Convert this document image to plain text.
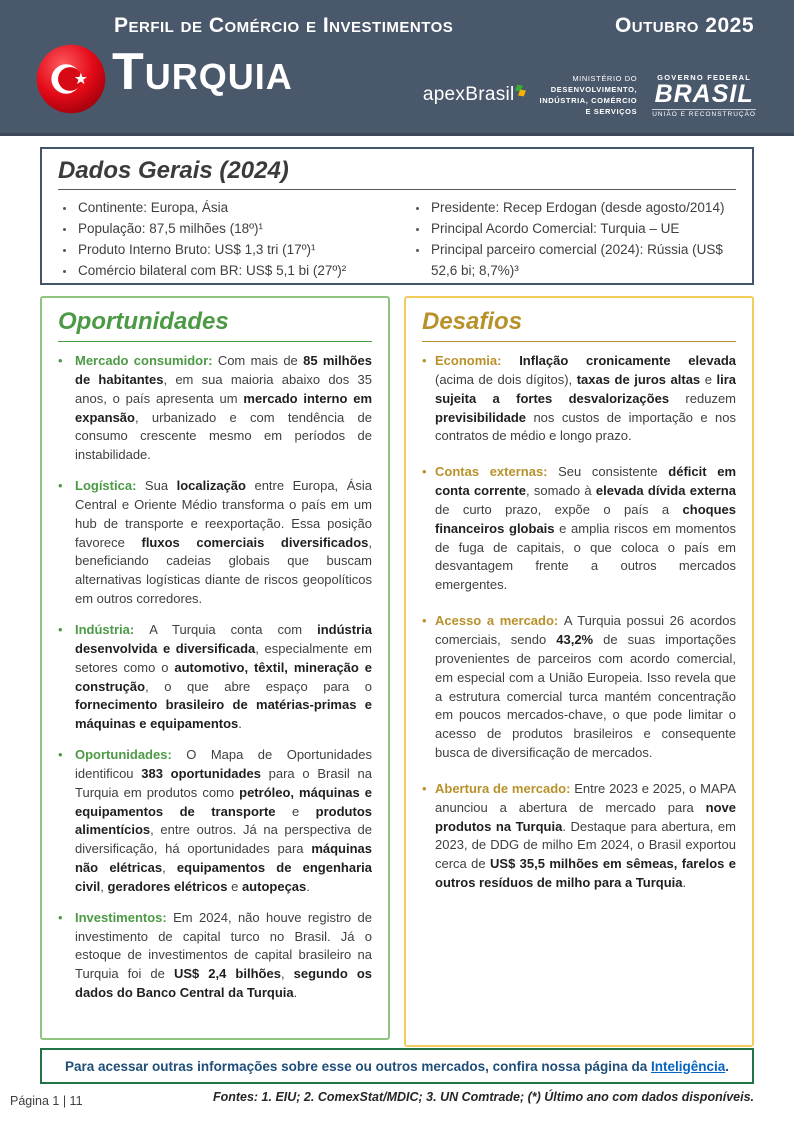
Perfil de Comércio e Investimentos	Outubro 2025
Turquia	apexBrasil
MINISTÉRIO DO
DESENVOLVIMENTO,
INDÚSTRIA, COMÉRCIO
E SERVIÇOS
GOVERNO FEDERAL
BRASIL
UNIÃO E RECONSTRUÇÃO
Dados Gerais (2024)
• Continente: Europa, Ásia
• População: 87,5 milhões (18º)¹
• Produto Interno Bruto: US$ 1,3 tri (17º)¹
• Comércio bilateral com BR: US$ 5,1 bi (27º)²
• Presidente: Recep Erdogan (desde agosto/2014)
• Principal Acordo Comercial: Turquia – UE
• Principal parceiro comercial (2024): Rússia (US$ 52,6 bi; 8,7%)³
Oportunidades
• Mercado consumidor: Com mais de 85 milhões de habitantes, em sua maioria abaixo dos 35 anos, o país apresenta um mercado interno em expansão, urbanizado e com tendência de consumo crescente mesmo em períodos de instabilidade.
• Logística: Sua localização entre Europa, Ásia Central e Oriente Médio transforma o país em um hub de transporte e reexportação. Essa posição favorece fluxos comerciais diversificados, beneficiando cadeias globais que buscam alternativas logísticas diante de riscos geopolíticos em outros corredores.
• Indústria: A Turquia conta com indústria desenvolvida e diversificada, especialmente em setores como o automotivo, têxtil, mineração e construção, o que abre espaço para o fornecimento brasileiro de matérias-primas e máquinas e equipamentos.
• Oportunidades: O Mapa de Oportunidades identificou 383 oportunidades para o Brasil na Turquia em produtos como petróleo, máquinas e equipamentos de transporte e produtos alimentícios, entre outros. Já na perspectiva de diversificação, há oportunidades para máquinas não elétricas, equipamentos de engenharia civil, geradores elétricos e autopeças.
• Investimentos: Em 2024, não houve registro de investimento de capital turco no Brasil. Já o estoque de investimentos de capital brasileiro na Turquia foi de US$ 2,4 bilhões, segundo os dados do Banco Central da Turquia.
Desafios
• Economia: Inflação cronicamente elevada (acima de dois dígitos), taxas de juros altas e lira sujeita a fortes desvalorizações reduzem previsibilidade nos custos de importação e nos contratos de médio e longo prazo.
• Contas externas: Seu consistente déficit em conta corrente, somado à elevada dívida externa de curto prazo, expõe o país a choques financeiros globais e amplia riscos em momentos de fuga de capitais, o que coloca o país em desvantagem frente a outros mercados emergentes.
• Acesso a mercado: A Turquia possui 26 acordos comerciais, sendo 43,2% de suas importações provenientes de parceiros com acordo comercial, em especial com a União Europeia. Isso revela que a estrutura comercial turca mantém concentração em poucos mercados-chave, o que pode limitar o acesso de produtos brasileiros e consequente busca de diversificação de mercados.
• Abertura de mercado: Entre 2023 e 2025, o MAPA anunciou a abertura de mercado para nove produtos na Turquia. Destaque para abertura, em 2023, de DDG de milho Em 2024, o Brasil exportou cerca de US$ 35,5 milhões em sêmeas, farelos e outros resíduos de milho para a Turquia.
Para acessar outras informações sobre esse ou outros mercados, confira nossa página da Inteligência.
Fontes: 1. EIU; 2. ComexStat/MDIC; 3. UN Comtrade; (*) Último ano com dados disponíveis.
Página 1 | 11
